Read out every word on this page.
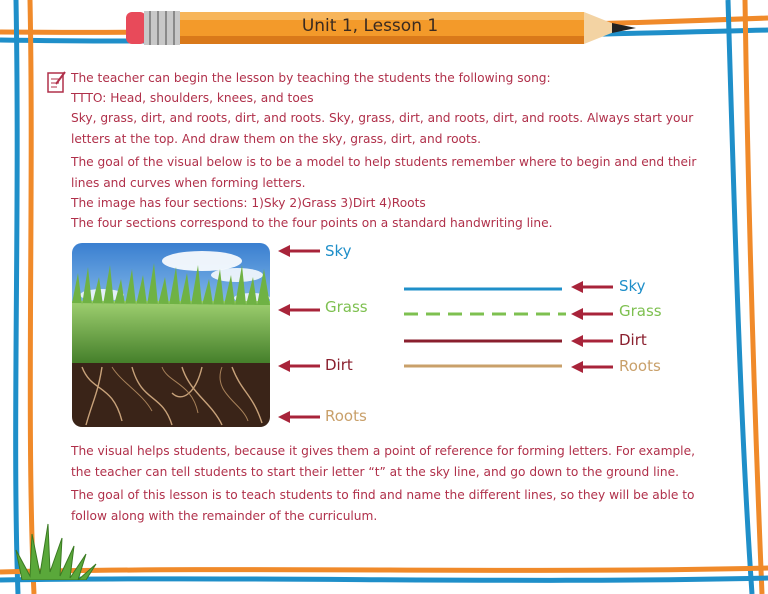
Unit 1, Lesson 1

The teacher can begin the lesson by teaching the students the following song:

TTTO: Head, shoulders, knees, and toes

Sky, grass, dirt, and roots, dirt, and roots. Sky, grass, dirt, and roots, dirt, and roots. Always start your letters at the top. And draw them on the sky, grass, dirt, and roots.

The goal of the visual below is to be a model to help students remember where to begin and end their lines and curves when forming letters.

The image has four sections: 1)Sky 2)Grass 3)Dirt 4)Roots

The four sections correspond to the four points on a standard handwriting line.

Sky
Grass
Dirt
Roots
Sky
Grass
Dirt
Roots

The visual helps students, because it gives them a point of reference for forming letters. For example, the teacher can tell students to start their letter “t” at the sky line, and go down to the ground line.

The goal of this lesson is to teach students to find and name the different lines, so they will be able to follow along with the remainder of the curriculum.
